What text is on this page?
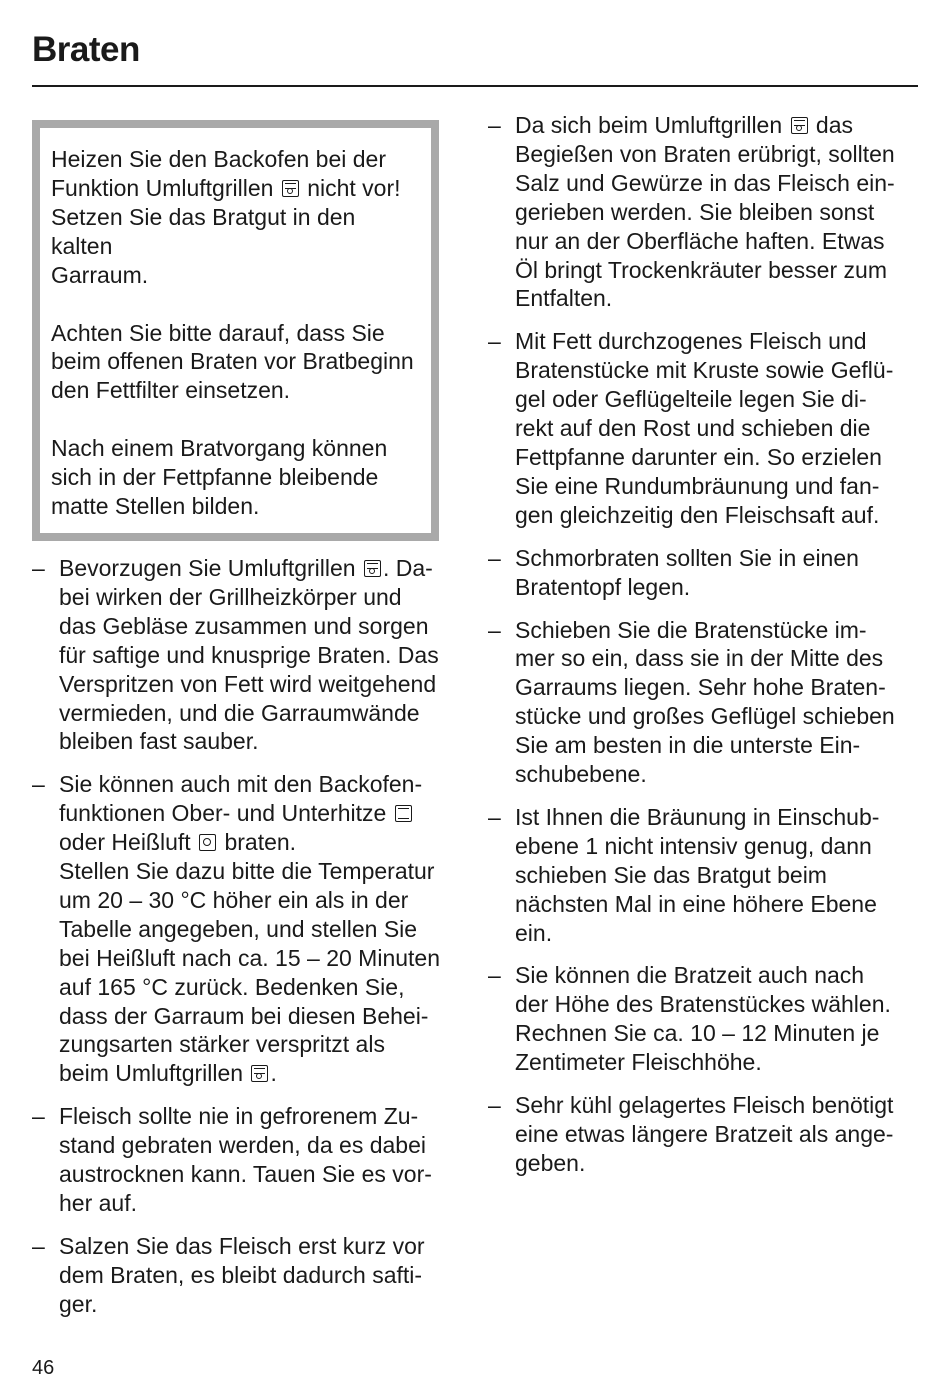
Braten

Heizen Sie den Backofen bei der
Funktion Umluftgrillen  nicht vor!
Setzen Sie das Bratgut in den kalten
Garraum.

Achten Sie bitte darauf, dass Sie
beim offenen Braten vor Bratbeginn
den Fettfilter einsetzen.

Nach einem Bratvorgang können
sich in der Fettpfanne bleibende
matte Stellen bilden.

– Bevorzugen Sie Umluftgrillen . Da-
bei wirken der Grillheizkörper und
das Gebläse zusammen und sorgen
für saftige und knusprige Braten. Das
Verspritzen von Fett wird weitgehend
vermieden, und die Garraumwände
bleiben fast sauber.
– Sie können auch mit den Backofen-
funktionen Ober- und Unterhitze
oder Heißluft  braten.
Stellen Sie dazu bitte die Temperatur
um 20 – 30 °C höher ein als in der
Tabelle angegeben, und stellen Sie
bei Heißluft nach ca. 15 – 20 Minuten
auf 165 °C zurück. Bedenken Sie,
dass der Garraum bei diesen Behei-
zungsarten stärker verspritzt als
beim Umluftgrillen .
– Fleisch sollte nie in gefrorenem Zu-
stand gebraten werden, da es dabei
austrocknen kann. Tauen Sie es vor-
her auf.
– Salzen Sie das Fleisch erst kurz vor
dem Braten, es bleibt dadurch safti-
ger.
– Da sich beim Umluftgrillen  das
Begießen von Braten erübrigt, sollten
Salz und Gewürze in das Fleisch ein-
gerieben werden. Sie bleiben sonst
nur an der Oberfläche haften. Etwas
Öl bringt Trockenkräuter besser zum
Entfalten.
– Mit Fett durchzogenes Fleisch und
Bratenstücke mit Kruste sowie Geflü-
gel oder Geflügelteile legen Sie di-
rekt auf den Rost und schieben die
Fettpfanne darunter ein. So erzielen
Sie eine Rundumbräunung und fan-
gen gleichzeitig den Fleischsaft auf.
– Schmorbraten sollten Sie in einen
Bratentopf legen.
– Schieben Sie die Bratenstücke im-
mer so ein, dass sie in der Mitte des
Garraums liegen. Sehr hohe Braten-
stücke und großes Geflügel schieben
Sie am besten in die unterste Ein-
schubebene.
– Ist Ihnen die Bräunung in Einschub-
ebene 1 nicht intensiv genug, dann
schieben Sie das Bratgut beim
nächsten Mal in eine höhere Ebene
ein.
– Sie können die Bratzeit auch nach
der Höhe des Bratenstückes wählen.
Rechnen Sie ca. 10 – 12 Minuten je
Zentimeter Fleischhöhe.
– Sehr kühl gelagertes Fleisch benötigt
eine etwas längere Bratzeit als ange-
geben.
46
